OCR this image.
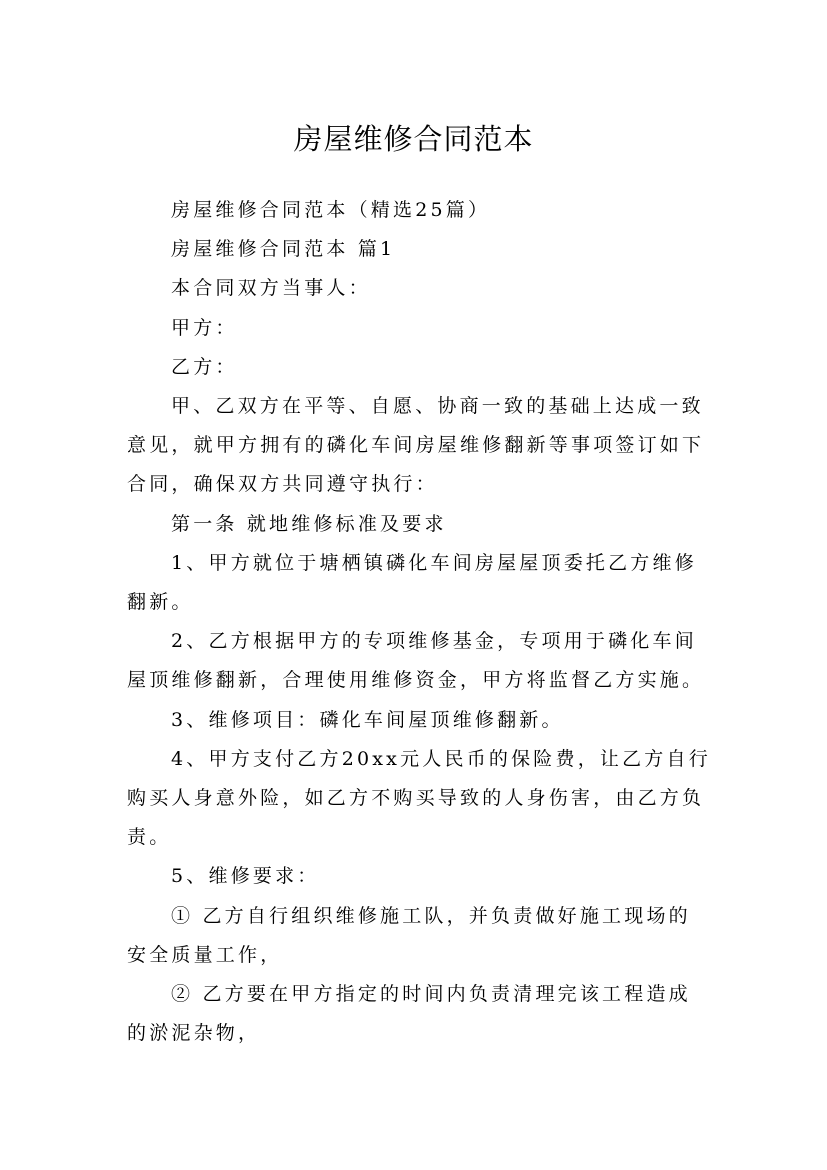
房屋维修合同范本

房屋维修合同范本（精选25篇）

房屋维修合同范本 篇1

本合同双方当事人：

甲方：

乙方：

甲、乙双方在平等、自愿、协商一致的基础上达成一致意见，就甲方拥有的磷化车间房屋维修翻新等事项签订如下合同，确保双方共同遵守执行：

第一条 就地维修标准及要求

1、甲方就位于塘栖镇磷化车间房屋屋顶委托乙方维修翻新。

2、乙方根据甲方的专项维修基金，专项用于磷化车间屋顶维修翻新，合理使用维修资金，甲方将监督乙方实施。

3、维修项目：磷化车间屋顶维修翻新。

4、甲方支付乙方20xx元人民币的保险费，让乙方自行购买人身意外险，如乙方不购买导致的人身伤害，由乙方负责。

5、维修要求：

① 乙方自行组织维修施工队，并负责做好施工现场的安全质量工作，

② 乙方要在甲方指定的时间内负责清理完该工程造成的淤泥杂物，
